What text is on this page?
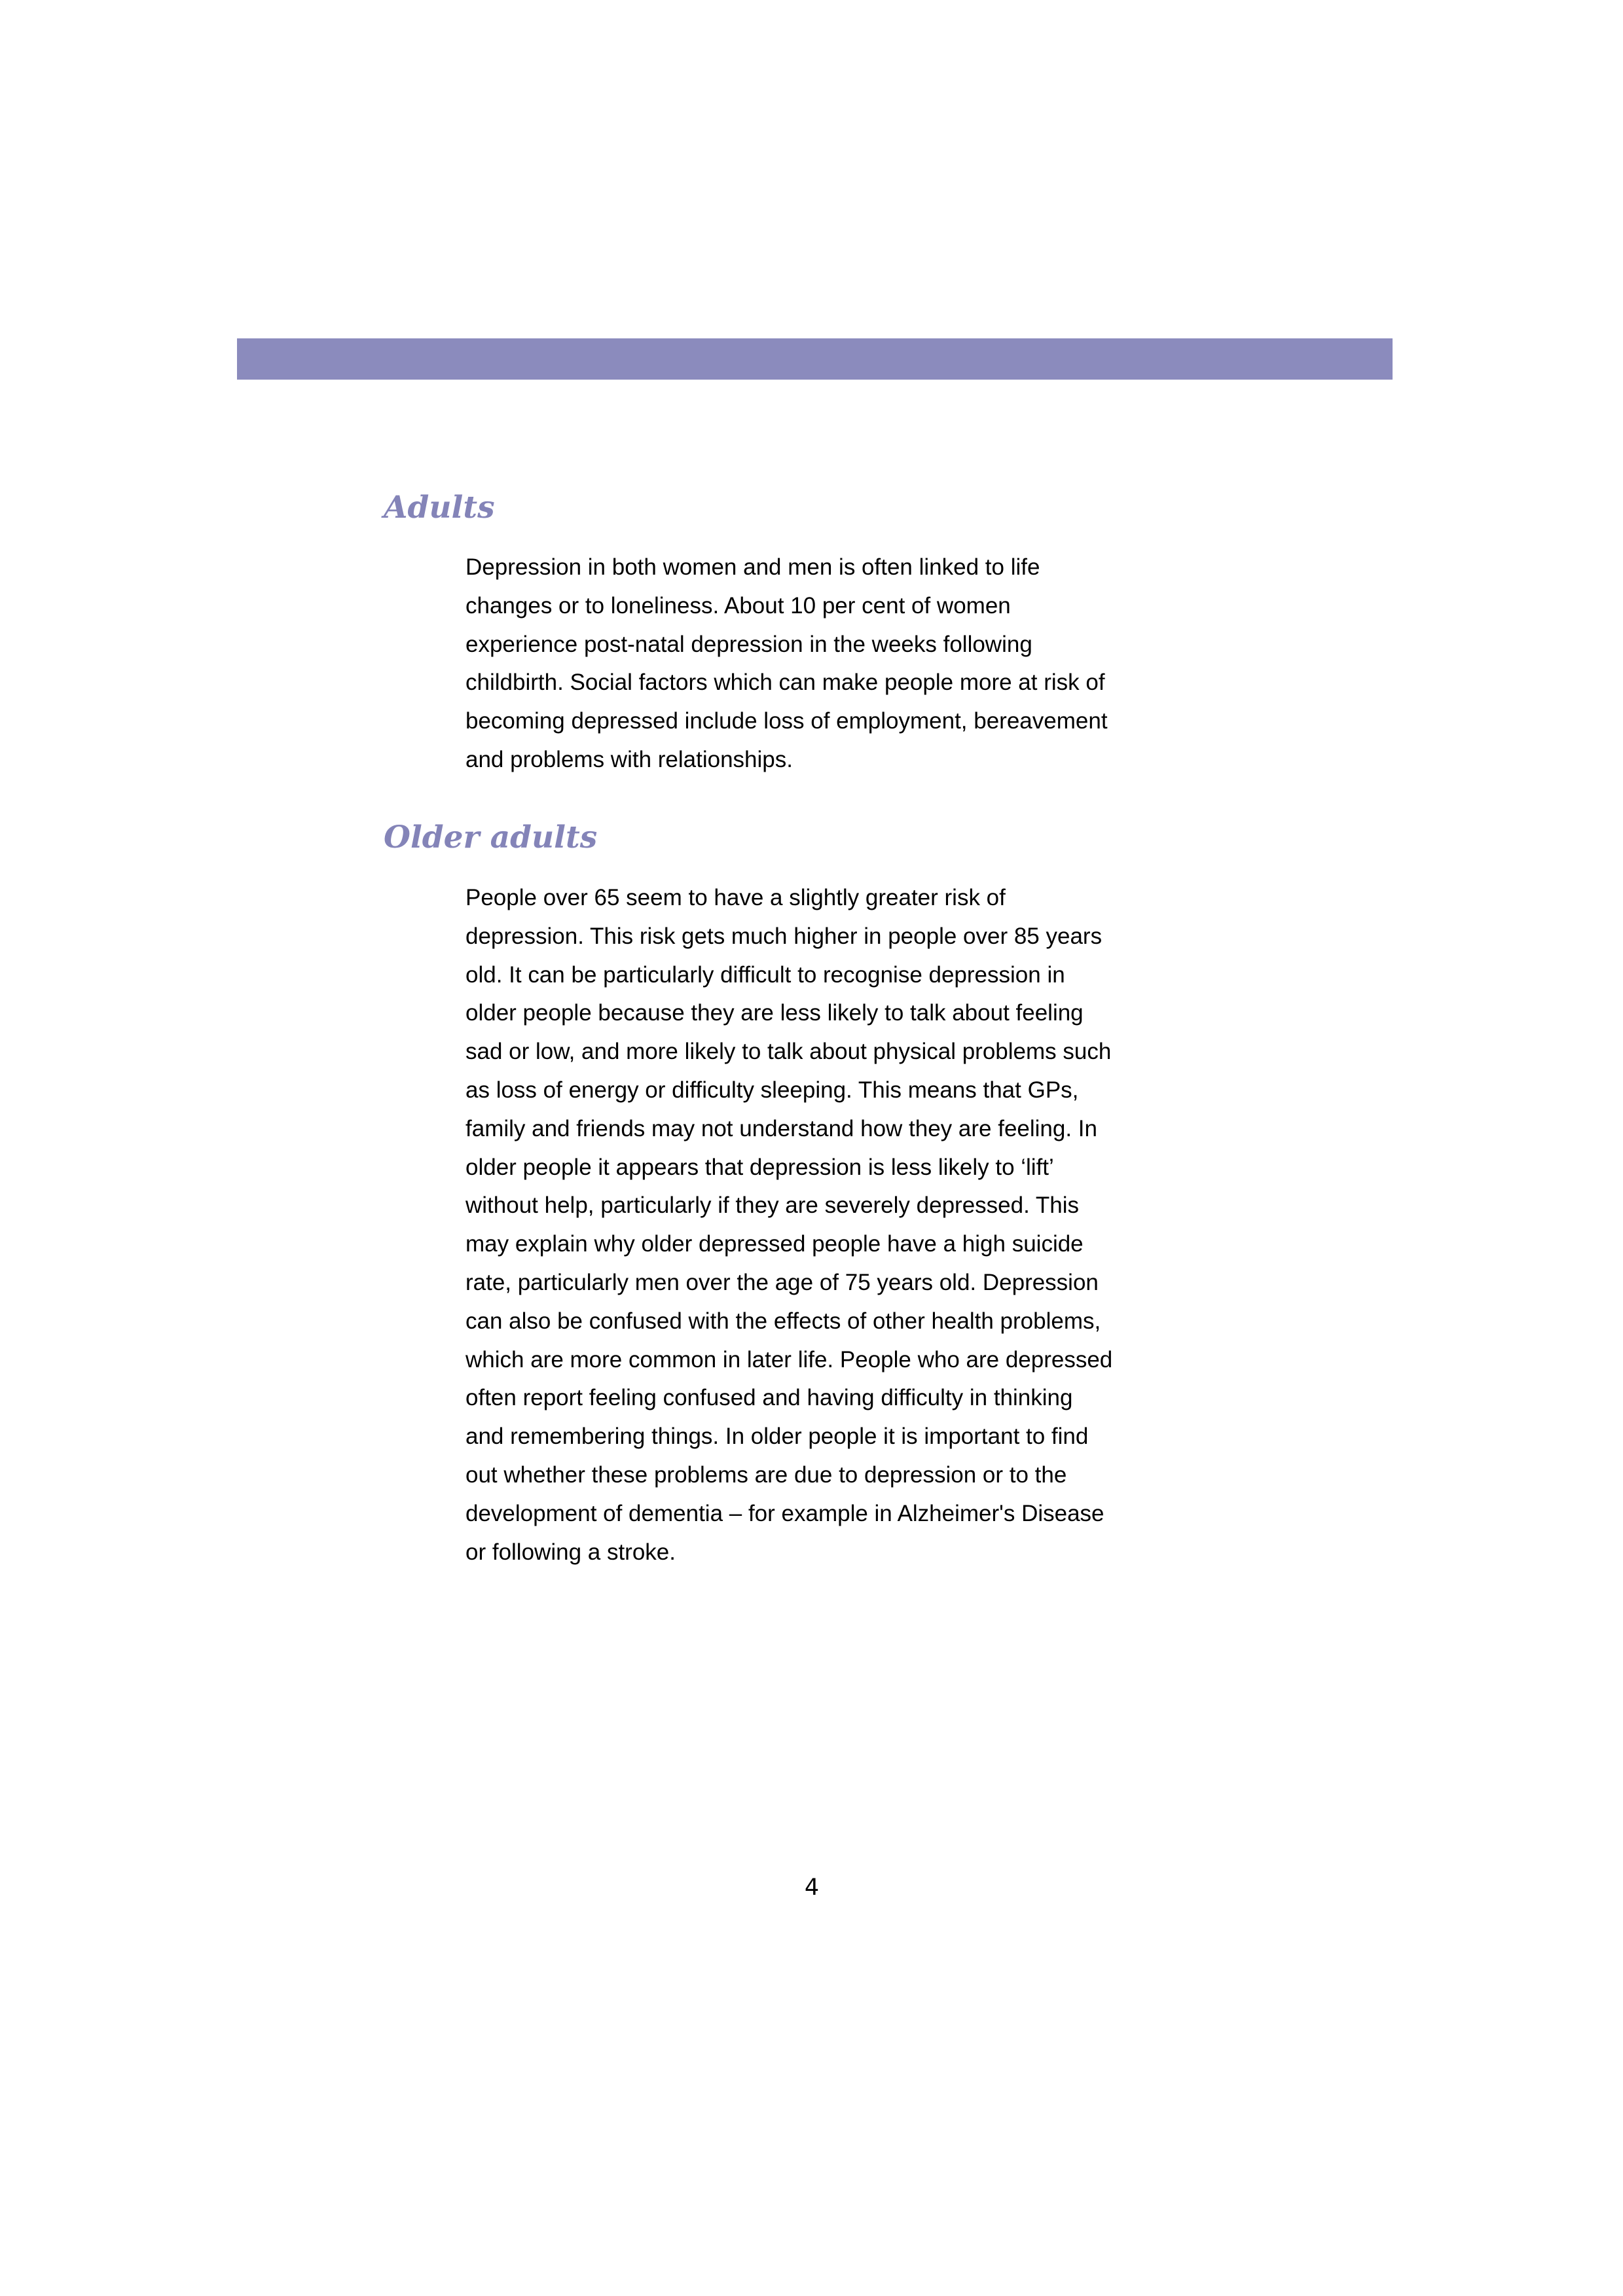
Adults

Depression in both women and men is often linked to life
changes or to loneliness. About 10 per cent of women
experience post-natal depression in the weeks following
childbirth. Social factors which can make people more at risk of
becoming depressed include loss of employment, bereavement
and problems with relationships.

Older adults

People over 65 seem to have a slightly greater risk of
depression. This risk gets much higher in people over 85 years
old. It can be particularly difficult to recognise depression in
older people because they are less likely to talk about feeling
sad or low, and more likely to talk about physical problems such
as loss of energy or difficulty sleeping. This means that GPs,
family and friends may not understand how they are feeling. In
older people it appears that depression is less likely to ‘lift’
without help, particularly if they are severely depressed. This
may explain why older depressed people have a high suicide
rate, particularly men over the age of 75 years old. Depression
can also be confused with the effects of other health problems,
which are more common in later life. People who are depressed
often report feeling confused and having difficulty in thinking
and remembering things. In older people it is important to find
out whether these problems are due to depression or to the
development of dementia – for example in Alzheimer's Disease
or following a stroke.

4
